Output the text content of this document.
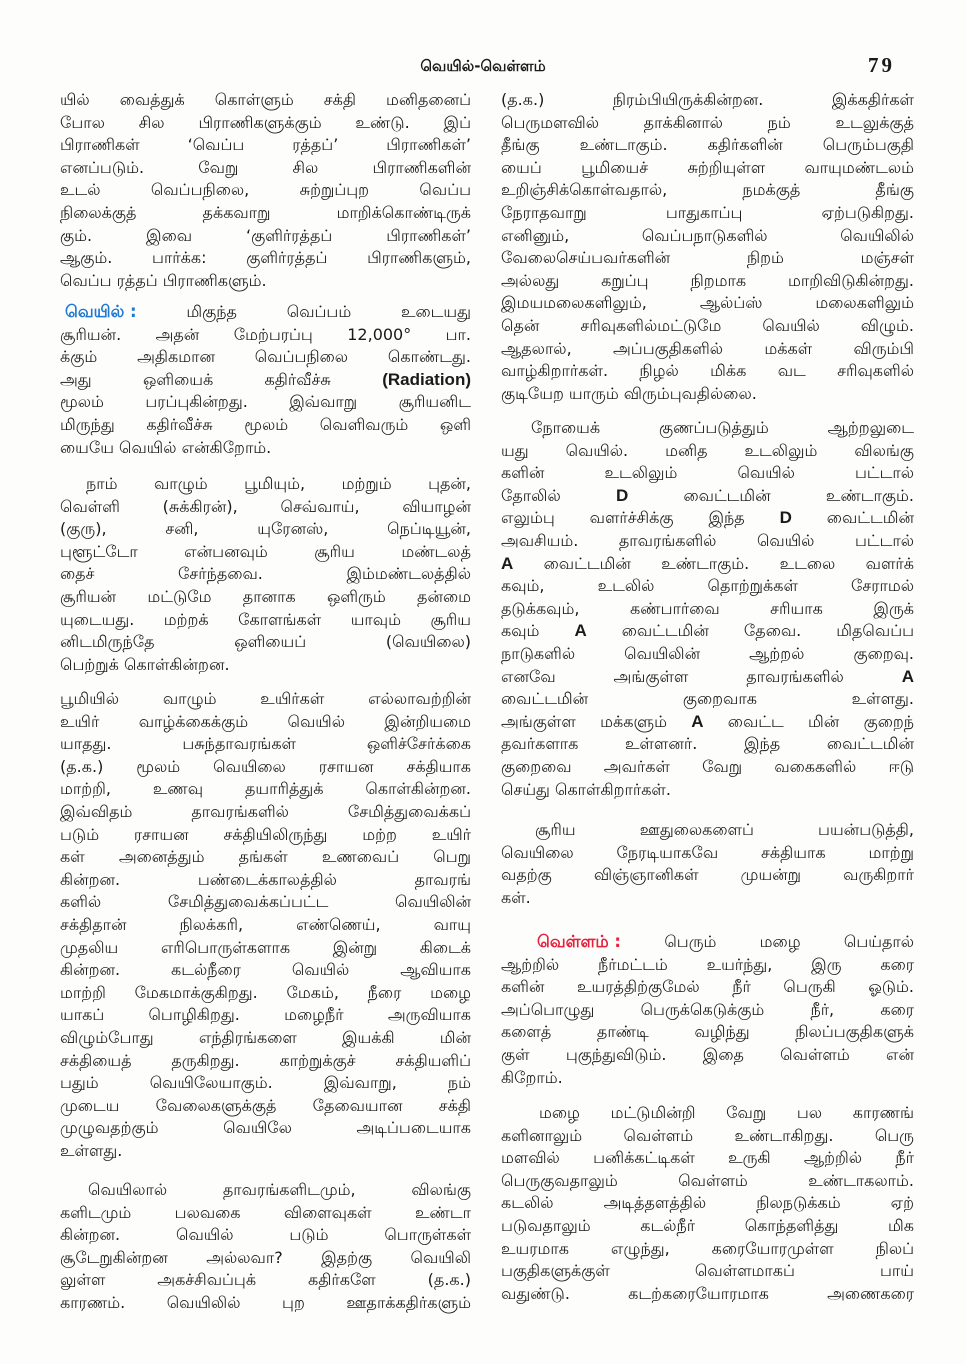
வெயில்-வெள்ளம்	79
யில் வைத்துக் கொள்ளும் சக்தி மனிதனைப்
போல சில பிராணிகளுக்கும் உண்டு. இப்
பிராணிகள் ‘வெப்ப ரத்தப்’ பிராணிகள்’
எனப்படும். வேறு சில பிராணிகளின்
உடல் வெப்பநிலை, சுற்றுப்புற வெப்ப
நிலைக்குத் தக்கவாறு மாறிக்கொண்டிருக்
கும். இவை ‘குளிர்ரத்தப் பிராணிகள்’
ஆகும். பார்க்க: குளிர்ரத்தப் பிராணிகளும்,
வெப்ப ரத்தப் பிராணிகளும்.
வெயில் :	மிகுந்த வெப்பம் உடையது
சூரியன். அதன் மேற்பரப்பு 12,000° பா.
க்கும் அதிகமான வெப்பநிலை கொண்டது.
அது ஒளியைக் கதிர்வீச்சு (Radiation)
மூலம் பரப்புகின்றது. இவ்வாறு சூரியனிட
மிருந்து கதிர்வீச்சு மூலம் வெளிவரும் ஒளி
யையே வெயில் என்கிறோம்.
நாம் வாழும் பூமியும், மற்றும் புதன்,
வெள்ளி (சுக்கிரன்), செவ்வாய், வியாழன்
(குரு), சனி, யுரேனஸ், நெப்டியூன்,
புளூட்டோ என்பனவும் சூரிய மண்டலத்
தைச் சேர்ந்தவை. இம்மண்டலத்தில்
சூரியன் மட்டுமே தானாக ஒளிரும் தன்மை
யுடையது. மற்றக் கோளங்கள் யாவும் சூரிய
னிடமிருந்தே ஒளியைப் (வெயிலை)
பெற்றுக் கொள்கின்றன.
பூமியில் வாழும் உயிர்கள் எல்லாவற்றின்
உயிர் வாழ்க்கைக்கும் வெயில் இன்றியமை
யாதது. பசுந்தாவரங்கள் ஒளிச்சேர்க்கை
(த.க.) மூலம் வெயிலை ரசாயன சக்தியாக
மாற்றி, உணவு தயாரித்துக் கொள்கின்றன.
இவ்விதம் தாவரங்களில் சேமித்துவைக்கப்
படும் ரசாயன சக்தியிலிருந்து மற்ற உயிர்
கள் அனைத்தும் தங்கள் உணவைப் பெறு
கின்றன. பண்டைக்காலத்தில் தாவரங்
களில் சேமித்துவைக்கப்பட்ட வெயிலின்
சக்திதான் நிலக்கரி, எண்ணெய், வாயு
முதலிய எரிபொருள்களாக இன்று கிடைக்
கின்றன. கடல்நீரை வெயில் ஆவியாக
மாற்றி மேகமாக்குகிறது. மேகம், நீரை மழை
யாகப் பொழிகிறது. மழைநீர் அருவியாக
விழும்போது எந்திரங்களை இயக்கி மின்
சக்தியைத் தருகிறது. காற்றுக்குச் சக்தியளிப்
பதும் வெயிலேயாகும். இவ்வாறு, நம்
முடைய வேலைகளுக்குத் தேவையான சக்தி
முழுவதற்கும் வெயிலே அடிப்படையாக
உள்ளது.
வெயிலால் தாவரங்களிடமும், விலங்கு
களிடமும் பலவகை விளைவுகள் உண்டா
கின்றன. வெயில் படும் பொருள்கள்
சூடேறுகின்றன அல்லவா? இதற்கு வெயிலி
லுள்ள அகச்சிவப்புக் கதிர்களே (த.க.)
காரணம். வெயிலில் புற ஊதாக்கதிர்களும்
(த.க.) நிரம்பியிருக்கின்றன. இக்கதிர்கள்
பெருமளவில் தாக்கினால் நம் உடலுக்குத்
தீங்கு உண்டாகும். கதிர்களின் பெரும்பகுதி
யைப் பூமியைச் சுற்றியுள்ள வாயுமண்டலம்
உறிஞ்சிக்கொள்வதால், நமக்குத் தீங்கு
நேராதவாறு பாதுகாப்பு ஏற்படுகிறது.
எனினும், வெப்பநாடுகளில் வெயிலில்
வேலைசெய்பவர்களின் நிறம் மஞ்சள்
அல்லது கறுப்பு நிறமாக மாறிவிடுகின்றது.
இமயமலைகளிலும், ஆல்ப்ஸ் மலைகளிலும்
தென் சரிவுகளில்மட்டுமே வெயில் விழும்.
ஆதலால், அப்பகுதிகளில் மக்கள் விரும்பி
வாழ்கிறார்கள். நிழல் மிக்க வட சரிவுகளில்
குடியேற யாரும் விரும்புவதில்லை.
நோயைக் குணப்படுத்தும் ஆற்றலுடை
யது வெயில். மனித உடலிலும் விலங்கு
களின் உடலிலும் வெயில் பட்டால்
தோலில் D வைட்டமின் உண்டாகும்.
எலும்பு வளர்ச்சிக்கு இந்த D வைட்டமின்
அவசியம். தாவரங்களில் வெயில் பட்டால்
A வைட்டமின் உண்டாகும். உடலை வளர்க்
கவும், உடலில் தொற்றுக்கள் சேராமல்
தடுக்கவும், கண்பார்வை சரியாக இருக்
கவும் A வைட்டமின் தேவை. மிதவெப்ப
நாடுகளில் வெயிலின் ஆற்றல் குறைவு.
எனவே அங்குள்ள தாவரங்களில் A
வைட்டமின் குறைவாக உள்ளது.
அங்குள்ள மக்களும் A வைட்ட மின் குறைந்
தவர்களாக உள்ளனர். இந்த வைட்டமின்
குறைவை அவர்கள் வேறு வகைகளில் ஈடு
செய்து கொள்கிறார்கள்.
சூரிய ஊதுலைகளைப் பயன்படுத்தி,
வெயிலை நேரடியாகவே சக்தியாக மாற்று
வதற்கு விஞ்ஞானிகள் முயன்று வருகிறார்
கள்.
வெள்ளம் :	பெரும் மழை பெய்தால்
ஆற்றில் நீர்மட்டம் உயர்ந்து, இரு கரை
களின் உயரத்திற்குமேல் நீர் பெருகி ஓடும்.
அப்பொழுது பெருக்கெடுக்கும் நீர், கரை
களைத் தாண்டி வழிந்து நிலப்பகுதிகளுக்
குள் புகுந்துவிடும். இதை வெள்ளம் என்
கிறோம்.
மழை மட்டுமின்றி வேறு பல காரணங்
களினாலும் வெள்ளம் உண்டாகிறது. பெரு
மளவில் பனிக்கட்டிகள் உருகி ஆற்றில் நீர்
பெருகுவதாலும் வெள்ளம் உண்டாகலாம்.
கடலில் அடித்தளத்தில் நிலநடுக்கம் ஏற்
படுவதாலும் கடல்நீர் கொந்தளித்து மிக
உயரமாக எழுந்து, கரையோரமுள்ள நிலப்
பகுதிகளுக்குள் வெள்ளமாகப் பாய்
வதுண்டு. கடற்கரையோரமாக அணைகரை
